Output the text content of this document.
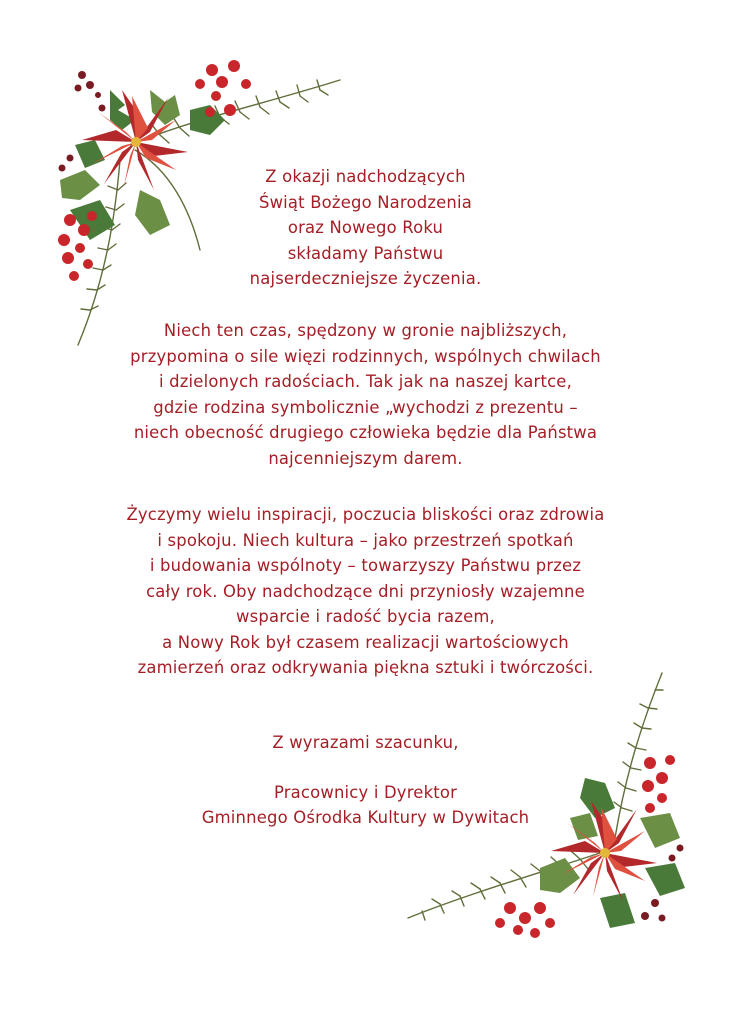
Z okazji nadchodzących
Świąt Bożego Narodzenia
oraz Nowego Roku
składamy Państwu
najserdeczniejsze życzenia.
Niech ten czas, spędzony w gronie najbliższych,
przypomina o sile więzi rodzinnych, wspólnych chwilach
i dzielonych radościach. Tak jak na naszej kartce,
gdzie rodzina symbolicznie „wychodzi z prezentu –
niech obecność drugiego człowieka będzie dla Państwa
najcenniejszym darem.
Życzymy wielu inspiracji, poczucia bliskości oraz zdrowia
i spokoju. Niech kultura – jako przestrzeń spotkań
i budowania wspólnoty – towarzyszy Państwu przez
cały rok. Oby nadchodzące dni przyniosły wzajemne
wsparcie i radość bycia razem,
a Nowy Rok był czasem realizacji wartościowych
zamierzeń oraz odkrywania piękna sztuki i twórczości.
Z wyrazami szacunku,
Pracownicy i Dyrektor
Gminnego Ośrodka Kultury w Dywitach
